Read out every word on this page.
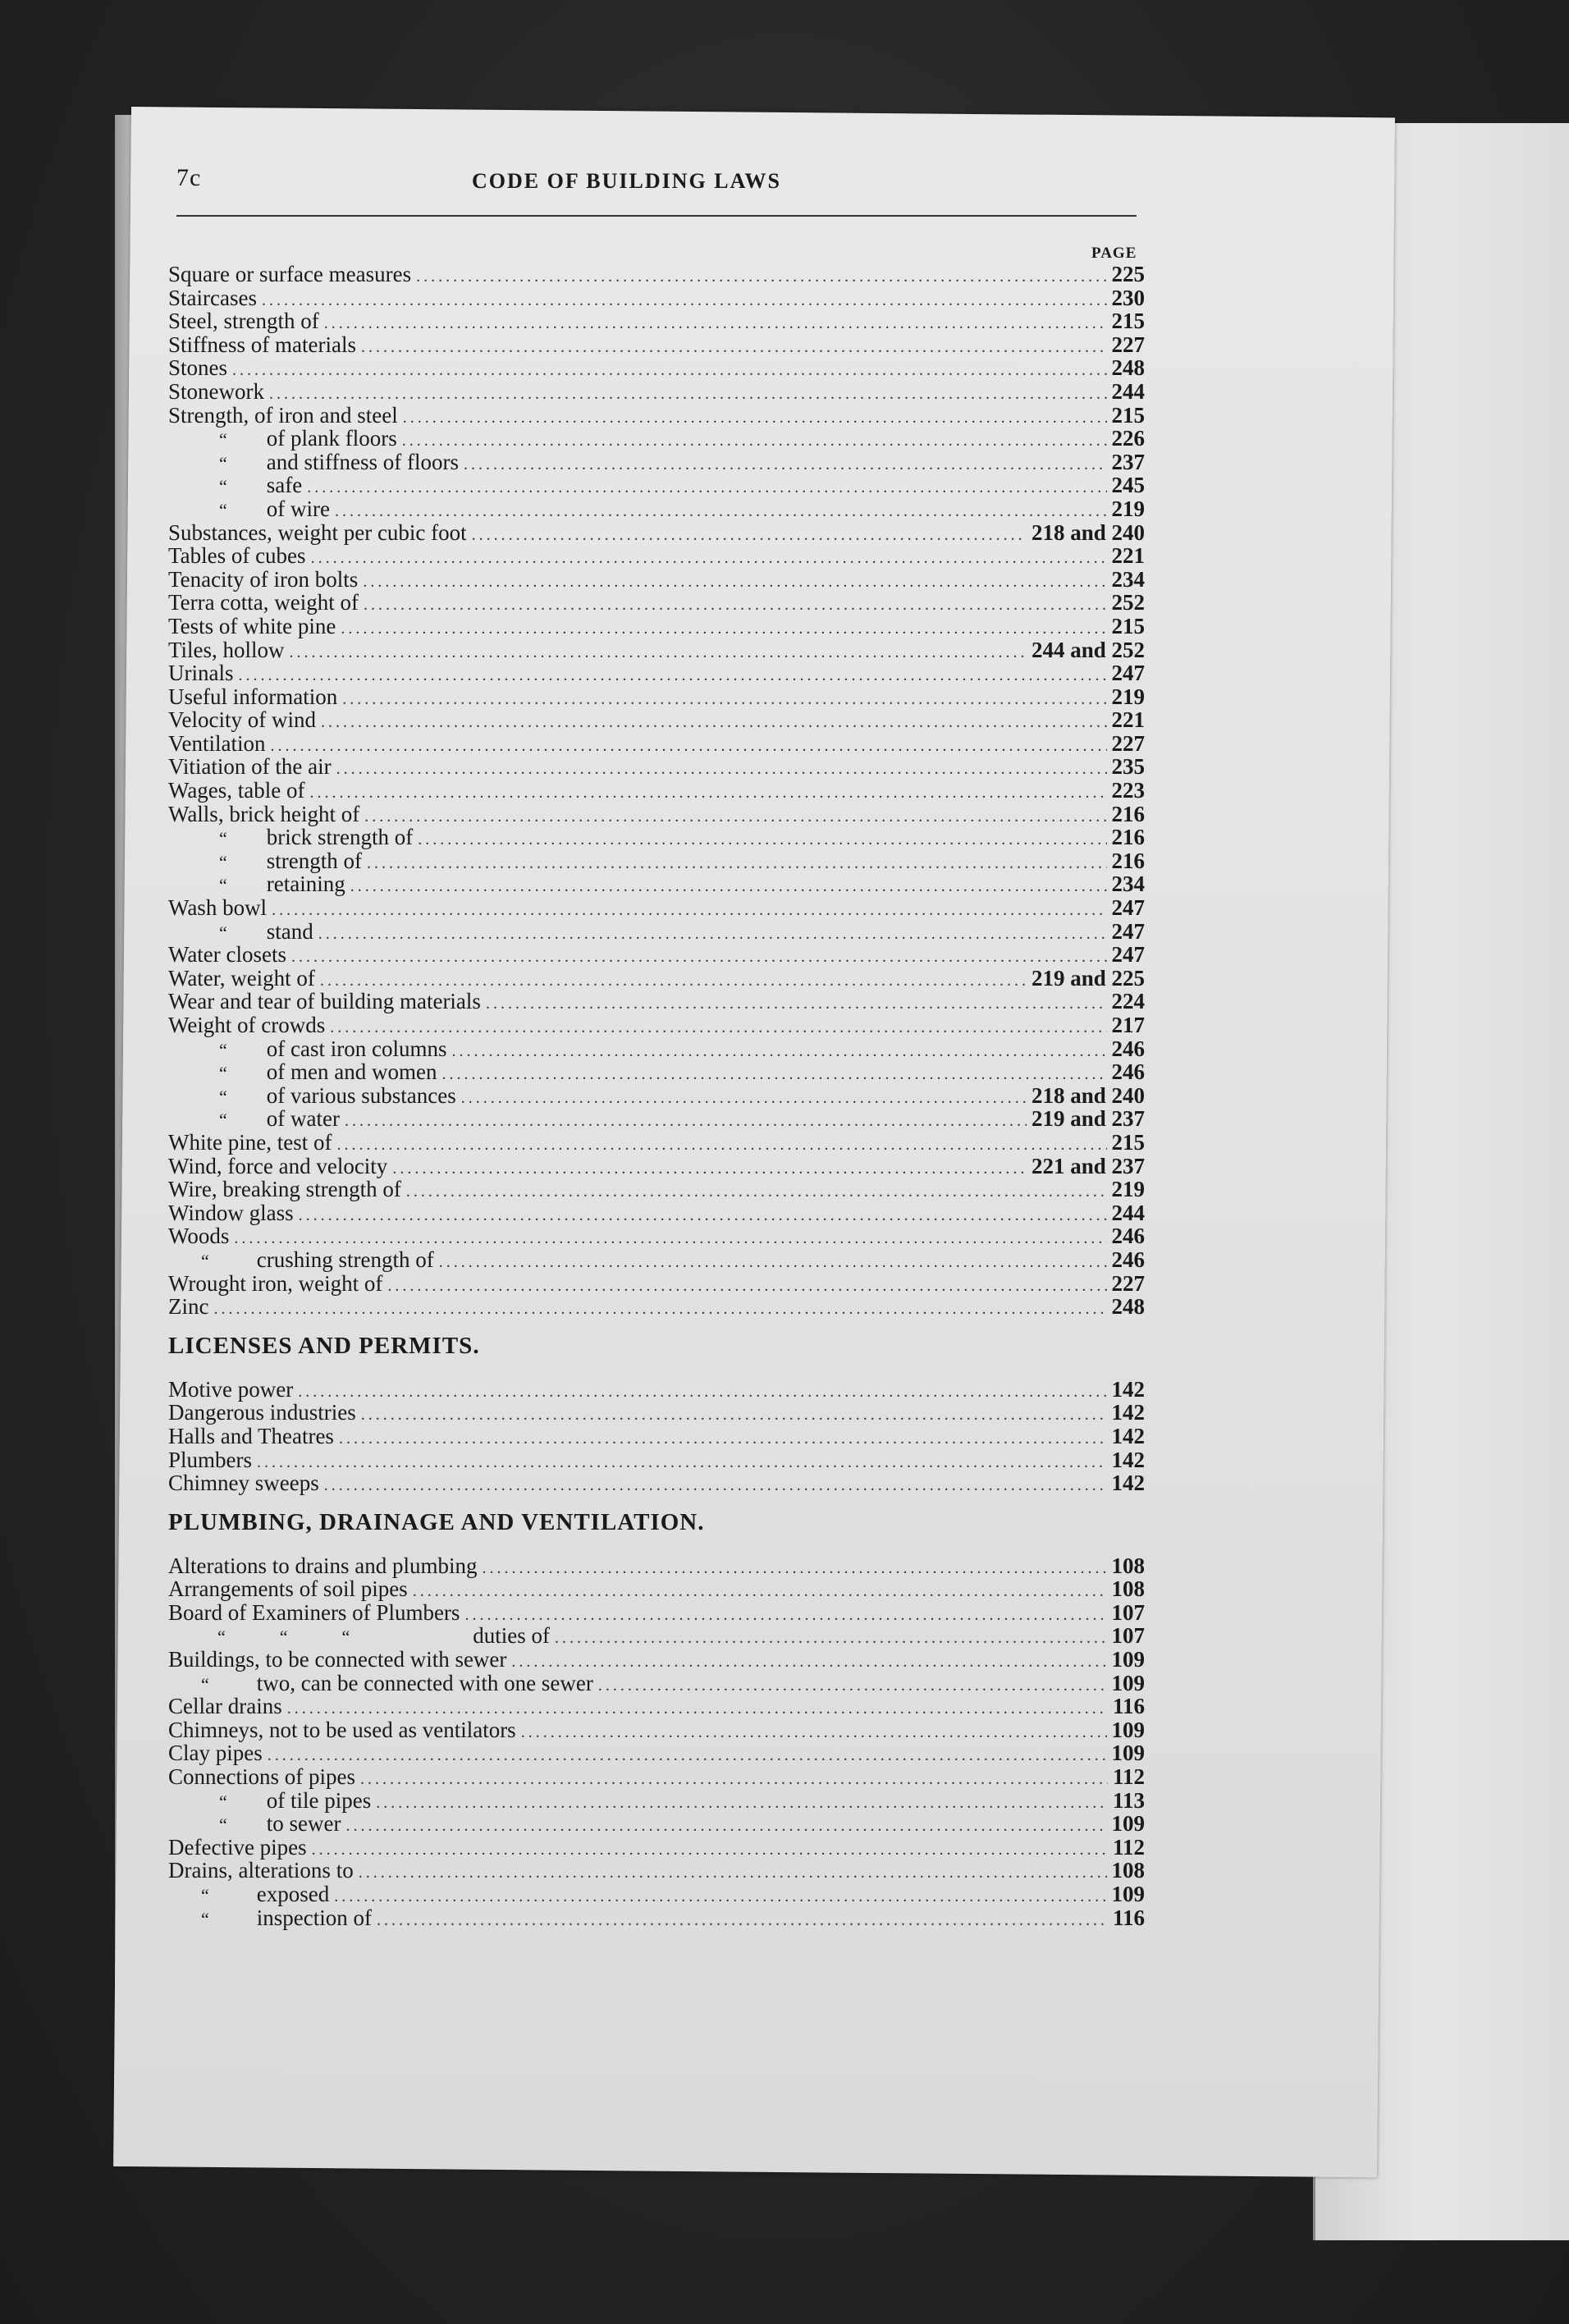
7c	CODE OF BUILDING LAWS
PAGE
Square or surface measures .....	225
Staircases .....	230
Steel, strength of .....	215
Stiffness of materials .....	227
Stones .....	248
Stonework .....	244
Strength, of iron and steel .....	215
“ of plank floors .....	226
“ and stiffness of floors .....	237
“ safe .....	245
“ of wire .....	219
Substances, weight per cubic foot .....	218 and 240
Tables of cubes .....	221
Tenacity of iron bolts .....	234
Terra cotta, weight of .....	252
Tests of white pine .....	215
Tiles, hollow .....	244 and 252
Urinals .....	247
Useful information .....	219
Velocity of wind .....	221
Ventilation .....	227
Vitiation of the air .....	235
Wages, table of .....	223
Walls, brick height of .....	216
“ brick strength of .....	216
“ strength of .....	216
“ retaining .....	234
Wash bowl .....	247
“ stand .....	247
Water closets .....	247
Water, weight of .....	219 and 225
Wear and tear of building materials .....	224
Weight of crowds .....	217
“ of cast iron columns .....	246
“ of men and women .....	246
“ of various substances .....	218 and 240
“ of water .....	219 and 237
White pine, test of .....	215
Wind, force and velocity .....	221 and 237
Wire, breaking strength of .....	219
Window glass .....	244
Woods .....	246
“ crushing strength of .....	246
Wrought iron, weight of .....	227
Zinc .....	248
LICENSES AND PERMITS.
Motive power .....	142
Dangerous industries .....	142
Halls and Theatres .....	142
Plumbers .....	142
Chimney sweeps .....	142
PLUMBING, DRAINAGE AND VENTILATION.
Alterations to drains and plumbing .....	108
Arrangements of soil pipes .....	108
Board of Examiners of Plumbers .....	107
“            “            “	duties of .....	107
Buildings, to be connected with sewer .....	109
“ two, can be connected with one sewer .....	109
Cellar drains .....	116
Chimneys, not to be used as ventilators .....	109
Clay pipes .....	109
Connections of pipes .....	112
“ of tile pipes .....	113
“ to sewer .....	109
Defective pipes .....	112
Drains, alterations to .....	108
“ exposed .....	109
“ inspection of .....	116
